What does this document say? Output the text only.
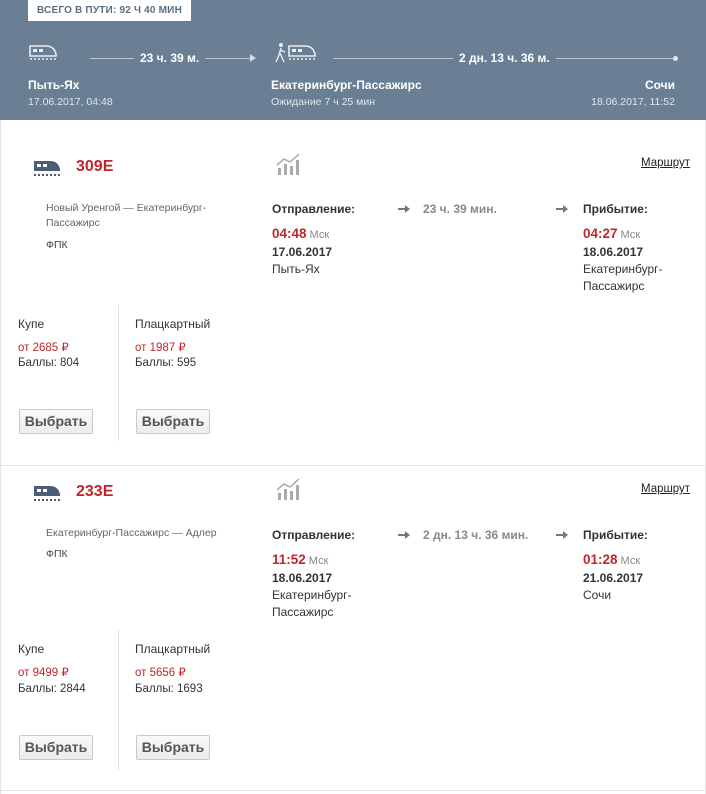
ВСЕГО В ПУТИ: 92 Ч 40 МИН
23 ч. 39 м.	2 дн. 13 ч. 36 м.
Пыть-Ях
17.06.2017, 04:48
Екатеринбург-Пассажирс
Ожидание 7 ч 25 мин
Сочи
18.06.2017, 11:52
309Е	Маршрут
Новый Уренгой — Екатеринбург-Пассажирс
ФПК
Отправление:	23 ч. 39 мин.	Прибытие:
04:48 Мск
17.06.2017
Пыть-Ях
04:27 Мск
18.06.2017
Екатеринбург-Пассажирс
Купе
от 2685 ₽
Баллы: 804
Выбрать
Плацкартный
от 1987 ₽
Баллы: 595
Выбрать
233Е	Маршрут
Екатеринбург-Пассажирс — Адлер
ФПК
Отправление:	2 дн. 13 ч. 36 мин.	Прибытие:
11:52 Мск
18.06.2017
Екатеринбург-Пассажирс
01:28 Мск
21.06.2017
Сочи
Купе
от 9499 ₽
Баллы: 2844
Выбрать
Плацкартный
от 5656 ₽
Баллы: 1693
Выбрать
